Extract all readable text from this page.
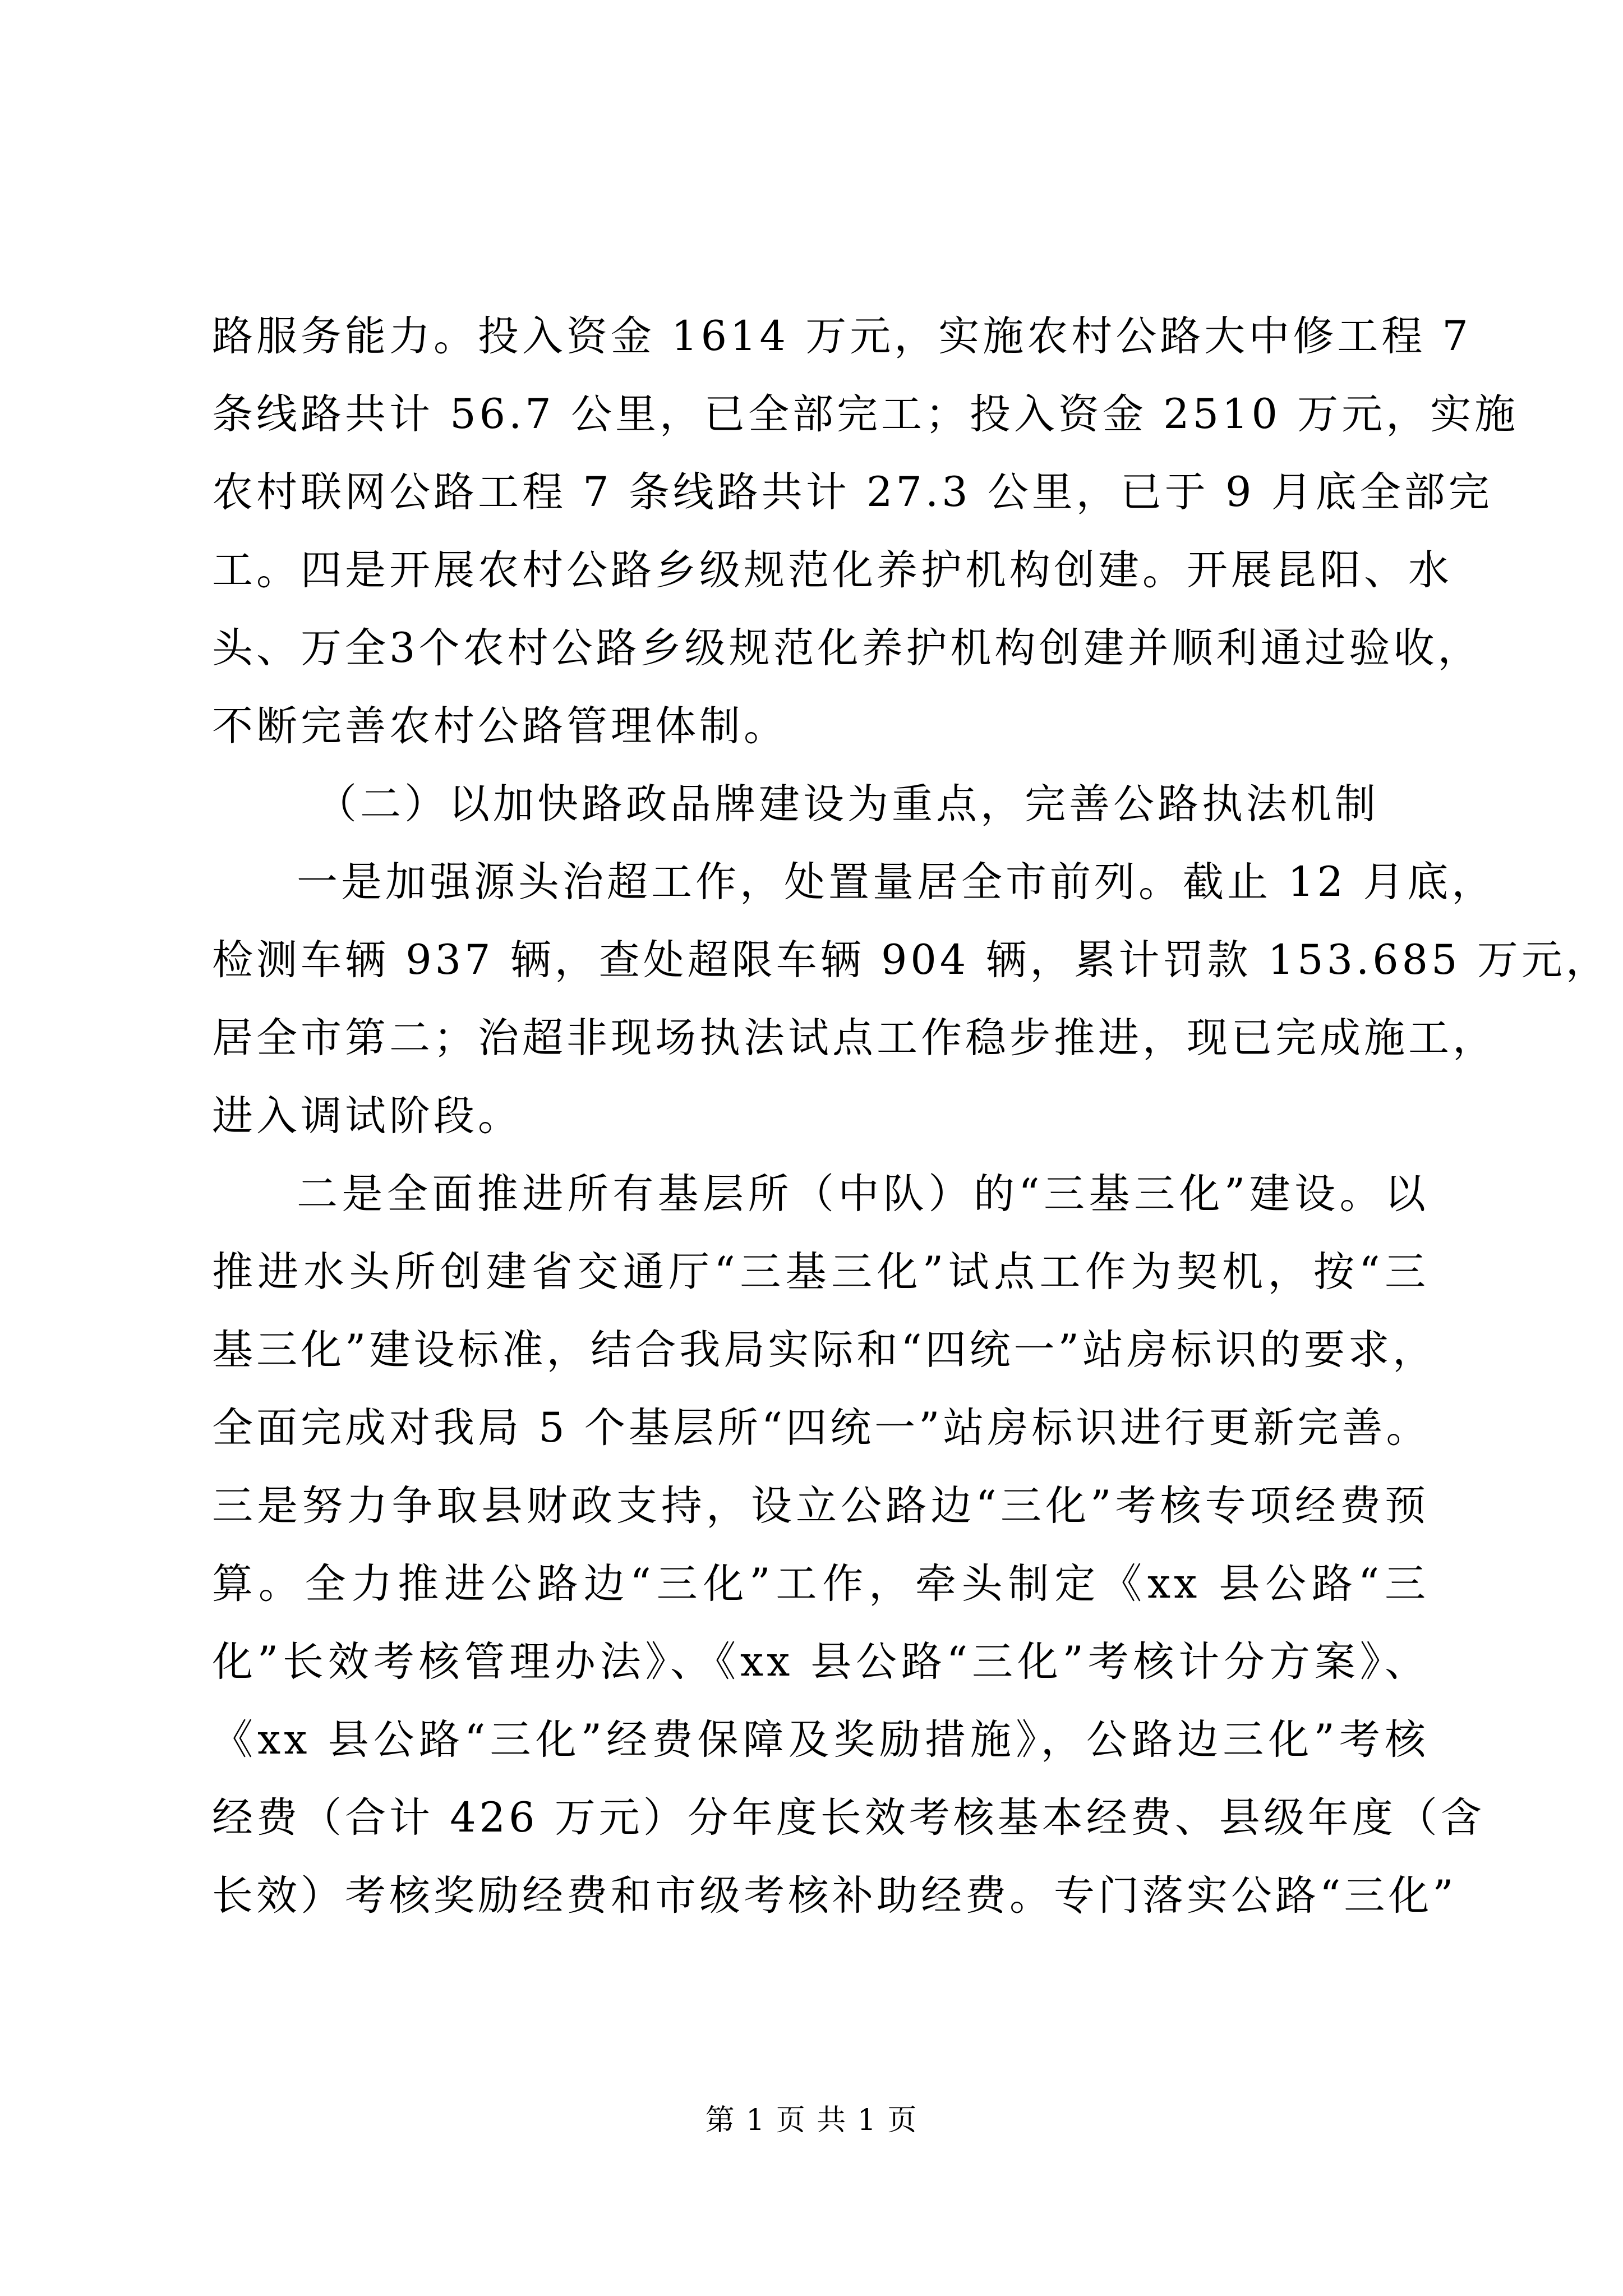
路服务能力。投入资金 1614 万元，实施农村公路大中修工程 7
条线路共计 56.7 公里，已全部完工；投入资金 2510 万元，实施
农村联网公路工程 7 条线路共计 27.3 公里，已于 9 月底全部完
工。四是开展农村公路乡级规范化养护机构创建。开展昆阳、水
头、万全3个农村公路乡级规范化养护机构创建并顺利通过验收，
不断完善农村公路管理体制。
（二）以加快路政品牌建设为重点，完善公路执法机制
一是加强源头治超工作，处置量居全市前列。截止 12 月底，
检测车辆 937 辆，查处超限车辆 904 辆，累计罚款 153.685 万元，
居全市第二；治超非现场执法试点工作稳步推进，现已完成施工，
进入调试阶段。
二是全面推进所有基层所（中队）的“三基三化”建设。以
推进水头所创建省交通厅“三基三化”试点工作为契机，按“三
基三化”建设标准，结合我局实际和“四统一”站房标识的要求，
全面完成对我局 5 个基层所“四统一”站房标识进行更新完善。
三是努力争取县财政支持，设立公路边“三化”考核专项经费预
算。全力推进公路边“三化”工作，牵头制定《xx 县公路“三
化”长效考核管理办法》、《xx 县公路“三化”考核计分方案》、
《xx 县公路“三化”经费保障及奖励措施》，公路边三化”考核
经费（合计 426 万元）分年度长效考核基本经费、县级年度（含
长效）考核奖励经费和市级考核补助经费。专门落实公路“三化”
第 1 页 共 1 页
